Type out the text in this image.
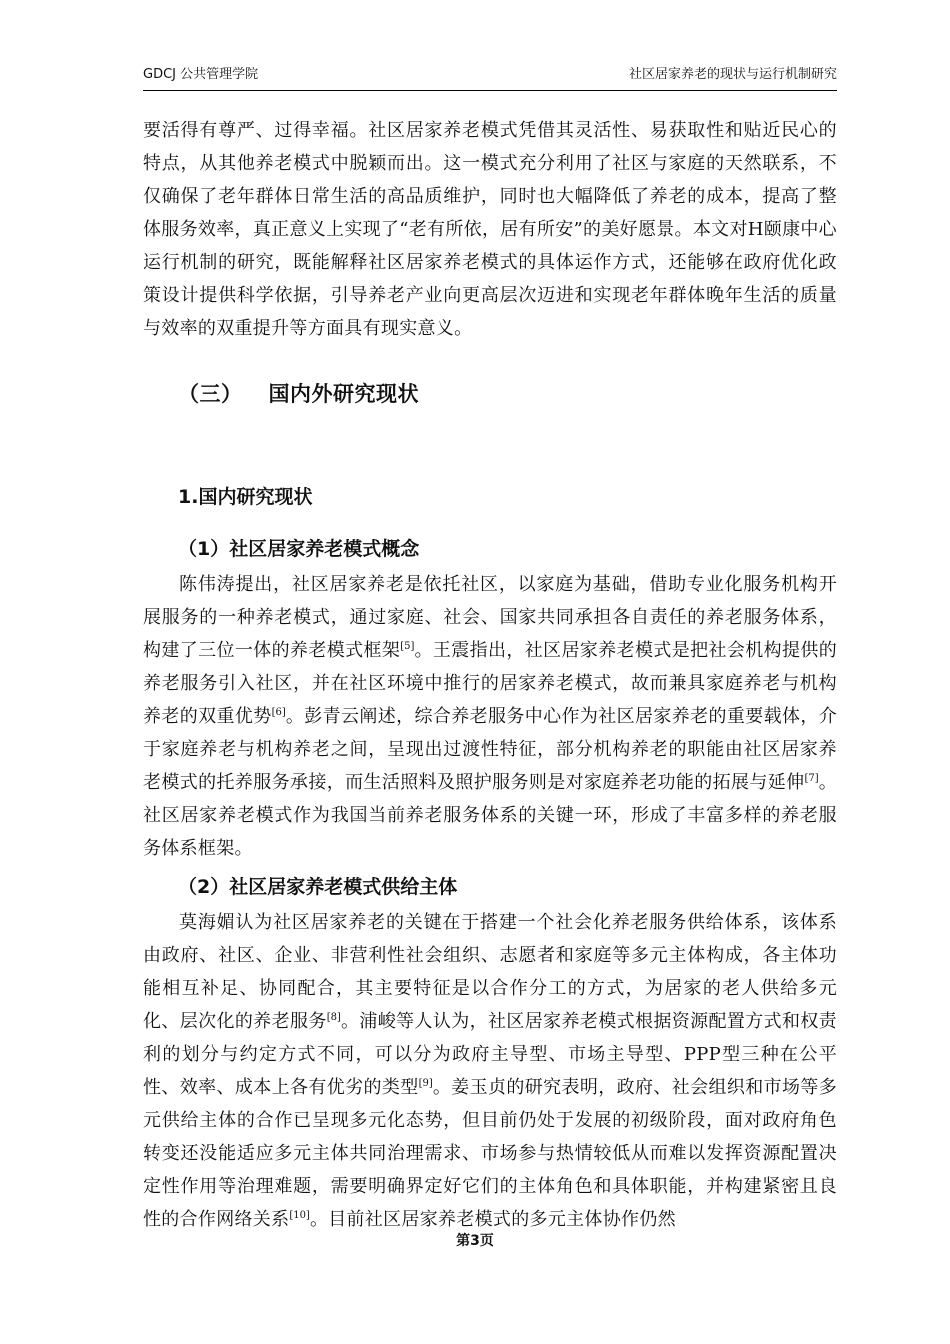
GDCJ 公共管理学院	社区居家养老的现状与运行机制研究

要活得有尊严、过得幸福。社区居家养老模式凭借其灵活性、易获取性和贴近民心的特点，从其他养老模式中脱颖而出。这一模式充分利用了社区与家庭的天然联系，不仅确保了老年群体日常生活的高品质维护，同时也大幅降低了养老的成本，提高了整体服务效率，真正意义上实现了“老有所依，居有所安”的美好愿景。本文对H颐康中心运行机制的研究，既能解释社区居家养老模式的具体运作方式，还能够在政府优化政策设计提供科学依据，引导养老产业向更高层次迈进和实现老年群体晚年生活的质量与效率的双重提升等方面具有现实意义。

（三） 国内外研究现状
1.国内研究现状
（1）社区居家养老模式概念

陈伟涛提出，社区居家养老是依托社区，以家庭为基础，借助专业化服务机构开展服务的一种养老模式，通过家庭、社会、国家共同承担各自责任的养老服务体系，构建了三位一体的养老模式框架[5]。王震指出，社区居家养老模式是把社会机构提供的养老服务引入社区，并在社区环境中推行的居家养老模式，故而兼具家庭养老与机构养老的双重优势[6]。彭青云阐述，综合养老服务中心作为社区居家养老的重要载体，介于家庭养老与机构养老之间，呈现出过渡性特征，部分机构养老的职能由社区居家养老模式的托养服务承接，而生活照料及照护服务则是对家庭养老功能的拓展与延伸[7]。社区居家养老模式作为我国当前养老服务体系的关键一环，形成了丰富多样的养老服务体系框架。

（2）社区居家养老模式供给主体

莫海媚认为社区居家养老的关键在于搭建一个社会化养老服务供给体系，该体系由政府、社区、企业、非营利性社会组织、志愿者和家庭等多元主体构成，各主体功能相互补足、协同配合，其主要特征是以合作分工的方式，为居家的老人供给多元化、层次化的养老服务[8]。浦峻等人认为，社区居家养老模式根据资源配置方式和权责利的划分与约定方式不同，可以分为政府主导型、市场主导型、PPP型三种在公平性、效率、成本上各有优劣的类型[9]。姜玉贞的研究表明，政府、社会组织和市场等多元供给主体的合作已呈现多元化态势，但目前仍处于发展的初级阶段，面对政府角色转变还没能适应多元主体共同治理需求、市场参与热情较低从而难以发挥资源配置决定性作用等治理难题，需要明确界定好它们的主体角色和具体职能，并构建紧密且良性的合作网络关系[10]。目前社区居家养老模式的多元主体协作仍然

第3页
